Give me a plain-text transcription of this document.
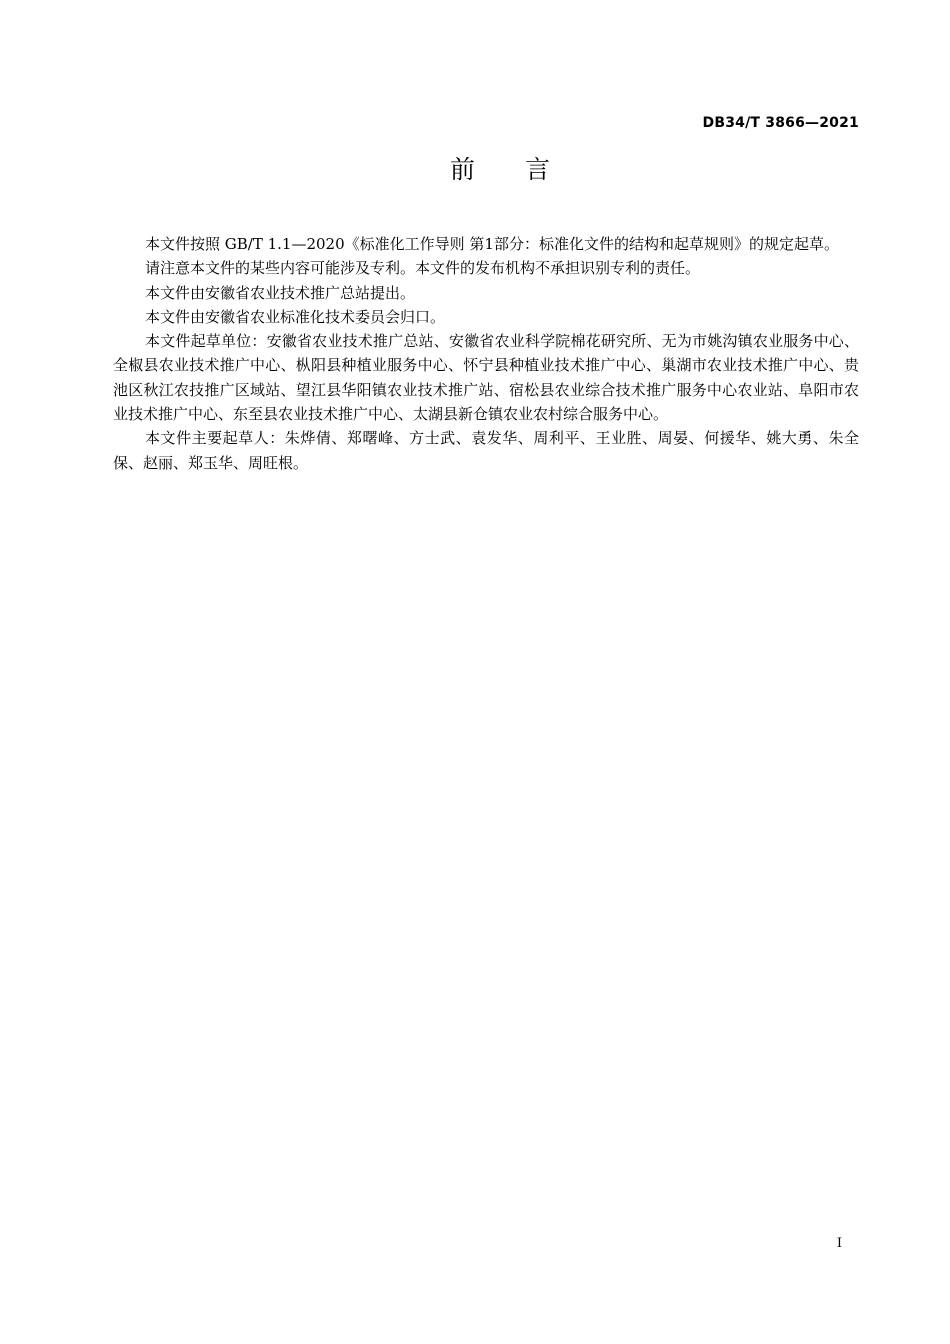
DB34/T 3866—2021
前 言

本文件按照 GB/T 1.1—2020《标准化工作导则 第1部分：标准化文件的结构和起草规则》的规定起草。

请注意本文件的某些内容可能涉及专利。本文件的发布机构不承担识别专利的责任。

本文件由安徽省农业技术推广总站提出。

本文件由安徽省农业标准化技术委员会归口。

本文件起草单位：安徽省农业技术推广总站、安徽省农业科学院棉花研究所、无为市姚沟镇农业服务中心、全椒县农业技术推广中心、枞阳县种植业服务中心、怀宁县种植业技术推广中心、巢湖市农业技术推广中心、贵池区秋江农技推广区域站、望江县华阳镇农业技术推广站、宿松县农业综合技术推广服务中心农业站、阜阳市农业技术推广中心、东至县农业技术推广中心、太湖县新仓镇农业农村综合服务中心。

本文件主要起草人：朱烨倩、郑曙峰、方士武、袁发华、周利平、王业胜、周晏、何援华、姚大勇、朱全保、赵丽、郑玉华、周旺根。

I
